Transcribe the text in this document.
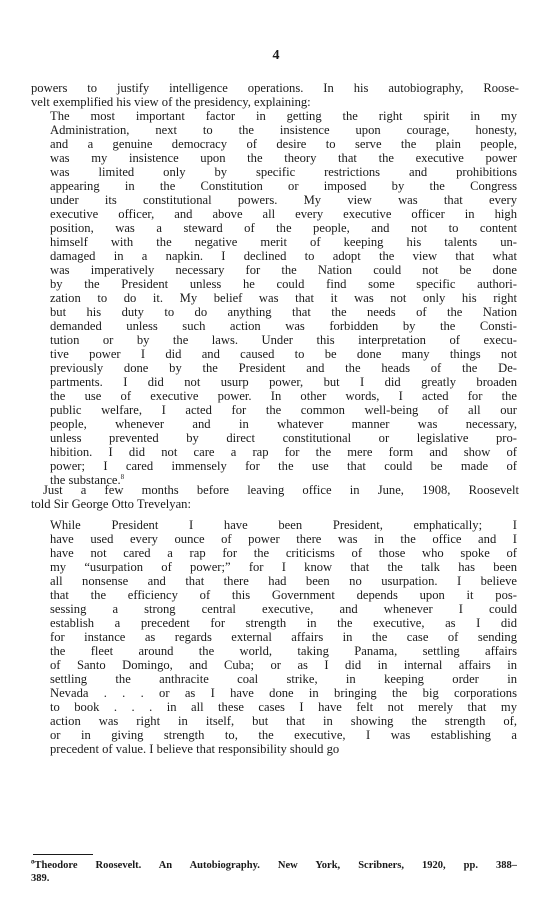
4
powers to justify intelligence operations. In his autobiography, Roose-
velt exemplified his view of the presidency, explaining:
The most important factor in getting the right spirit in my
Administration, next to the insistence upon courage, honesty,
and a genuine democracy of desire to serve the plain people,
was my insistence upon the theory that the executive power
was limited only by specific restrictions and prohibitions
appearing in the Constitution or imposed by the Congress
under its constitutional powers. My view was that every
executive officer, and above all every executive officer in high
position, was a steward of the people, and not to content
himself with the negative merit of keeping his talents un-
damaged in a napkin. I declined to adopt the view that what
was imperatively necessary for the Nation could not be done
by the President unless he could find some specific authori-
zation to do it. My belief was that it was not only his right
but his duty to do anything that the needs of the Nation
demanded unless such action was forbidden by the Consti-
tution or by the laws. Under this interpretation of execu-
tive power I did and caused to be done many things not
previously done by the President and the heads of the De-
partments. I did not usurp power, but I did greatly broaden
the use of executive power. In other words, I acted for the
public welfare, I acted for the common well-being of all our
people, whenever and in whatever manner was necessary,
unless prevented by direct constitutional or legislative pro-
hibition. I did not care a rap for the mere form and show of
power; I cared immensely for the use that could be made of
the substance.$^8$
Just a few months before leaving office in June, 1908, Roosevelt
told Sir George Otto Trevelyan:
While President I have been President, emphatically; I
have used every ounce of power there was in the office and I
have not cared a rap for the criticisms of those who spoke of
my “usurpation of power;” for I know that the talk has been
all nonsense and that there had been no usurpation. I believe
that the efficiency of this Government depends upon it pos-
sessing a strong central executive, and whenever I could
establish a precedent for strength in the executive, as I did
for instance as regards external affairs in the case of sending
the fleet around the world, taking Panama, settling affairs
of Santo Domingo, and Cuba; or as I did in internal affairs in
settling the anthracite coal strike, in keeping order in
Nevada . . . or as I have done in bringing the big corporations
to book . . . in all these cases I have felt not merely that my
action was right in itself, but that in showing the strength of,
or in giving strength to, the executive, I was establishing a
precedent of value. I believe that responsibility should go
$^8$Theodore Roosevelt. An Autobiography. New York, Scribners, 1920, pp. 388–
389.
